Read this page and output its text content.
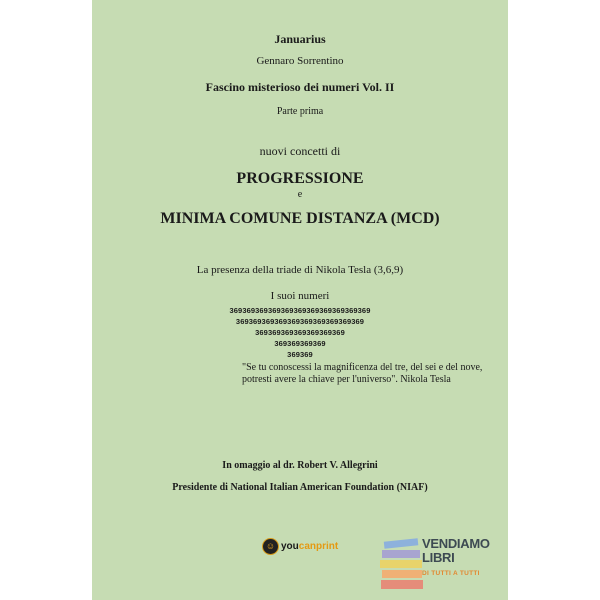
Januarius
Gennaro Sorrentino
Fascino misterioso dei numeri Vol. II
Parte prima
nuovi concetti di
PROGRESSIONE
e
MINIMA COMUNE DISTANZA (MCD)
La presenza della triade di Nikola Tesla (3,6,9)
I suoi numeri
369369369369369369369369369369369
369369369369369369369369369369
369369369369369369369
369369369369
369369
"Se tu conoscessi la magnificenza del tre, del sei e del nove, potresti avere la chiave per l'universo". Nikola Tesla
In omaggio al dr. Robert V. Allegrini
Presidente di National Italian American Foundation (NIAF)
☺ youcanprint	VENDIAMO
LIBRI
DI TUTTI A TUTTI
